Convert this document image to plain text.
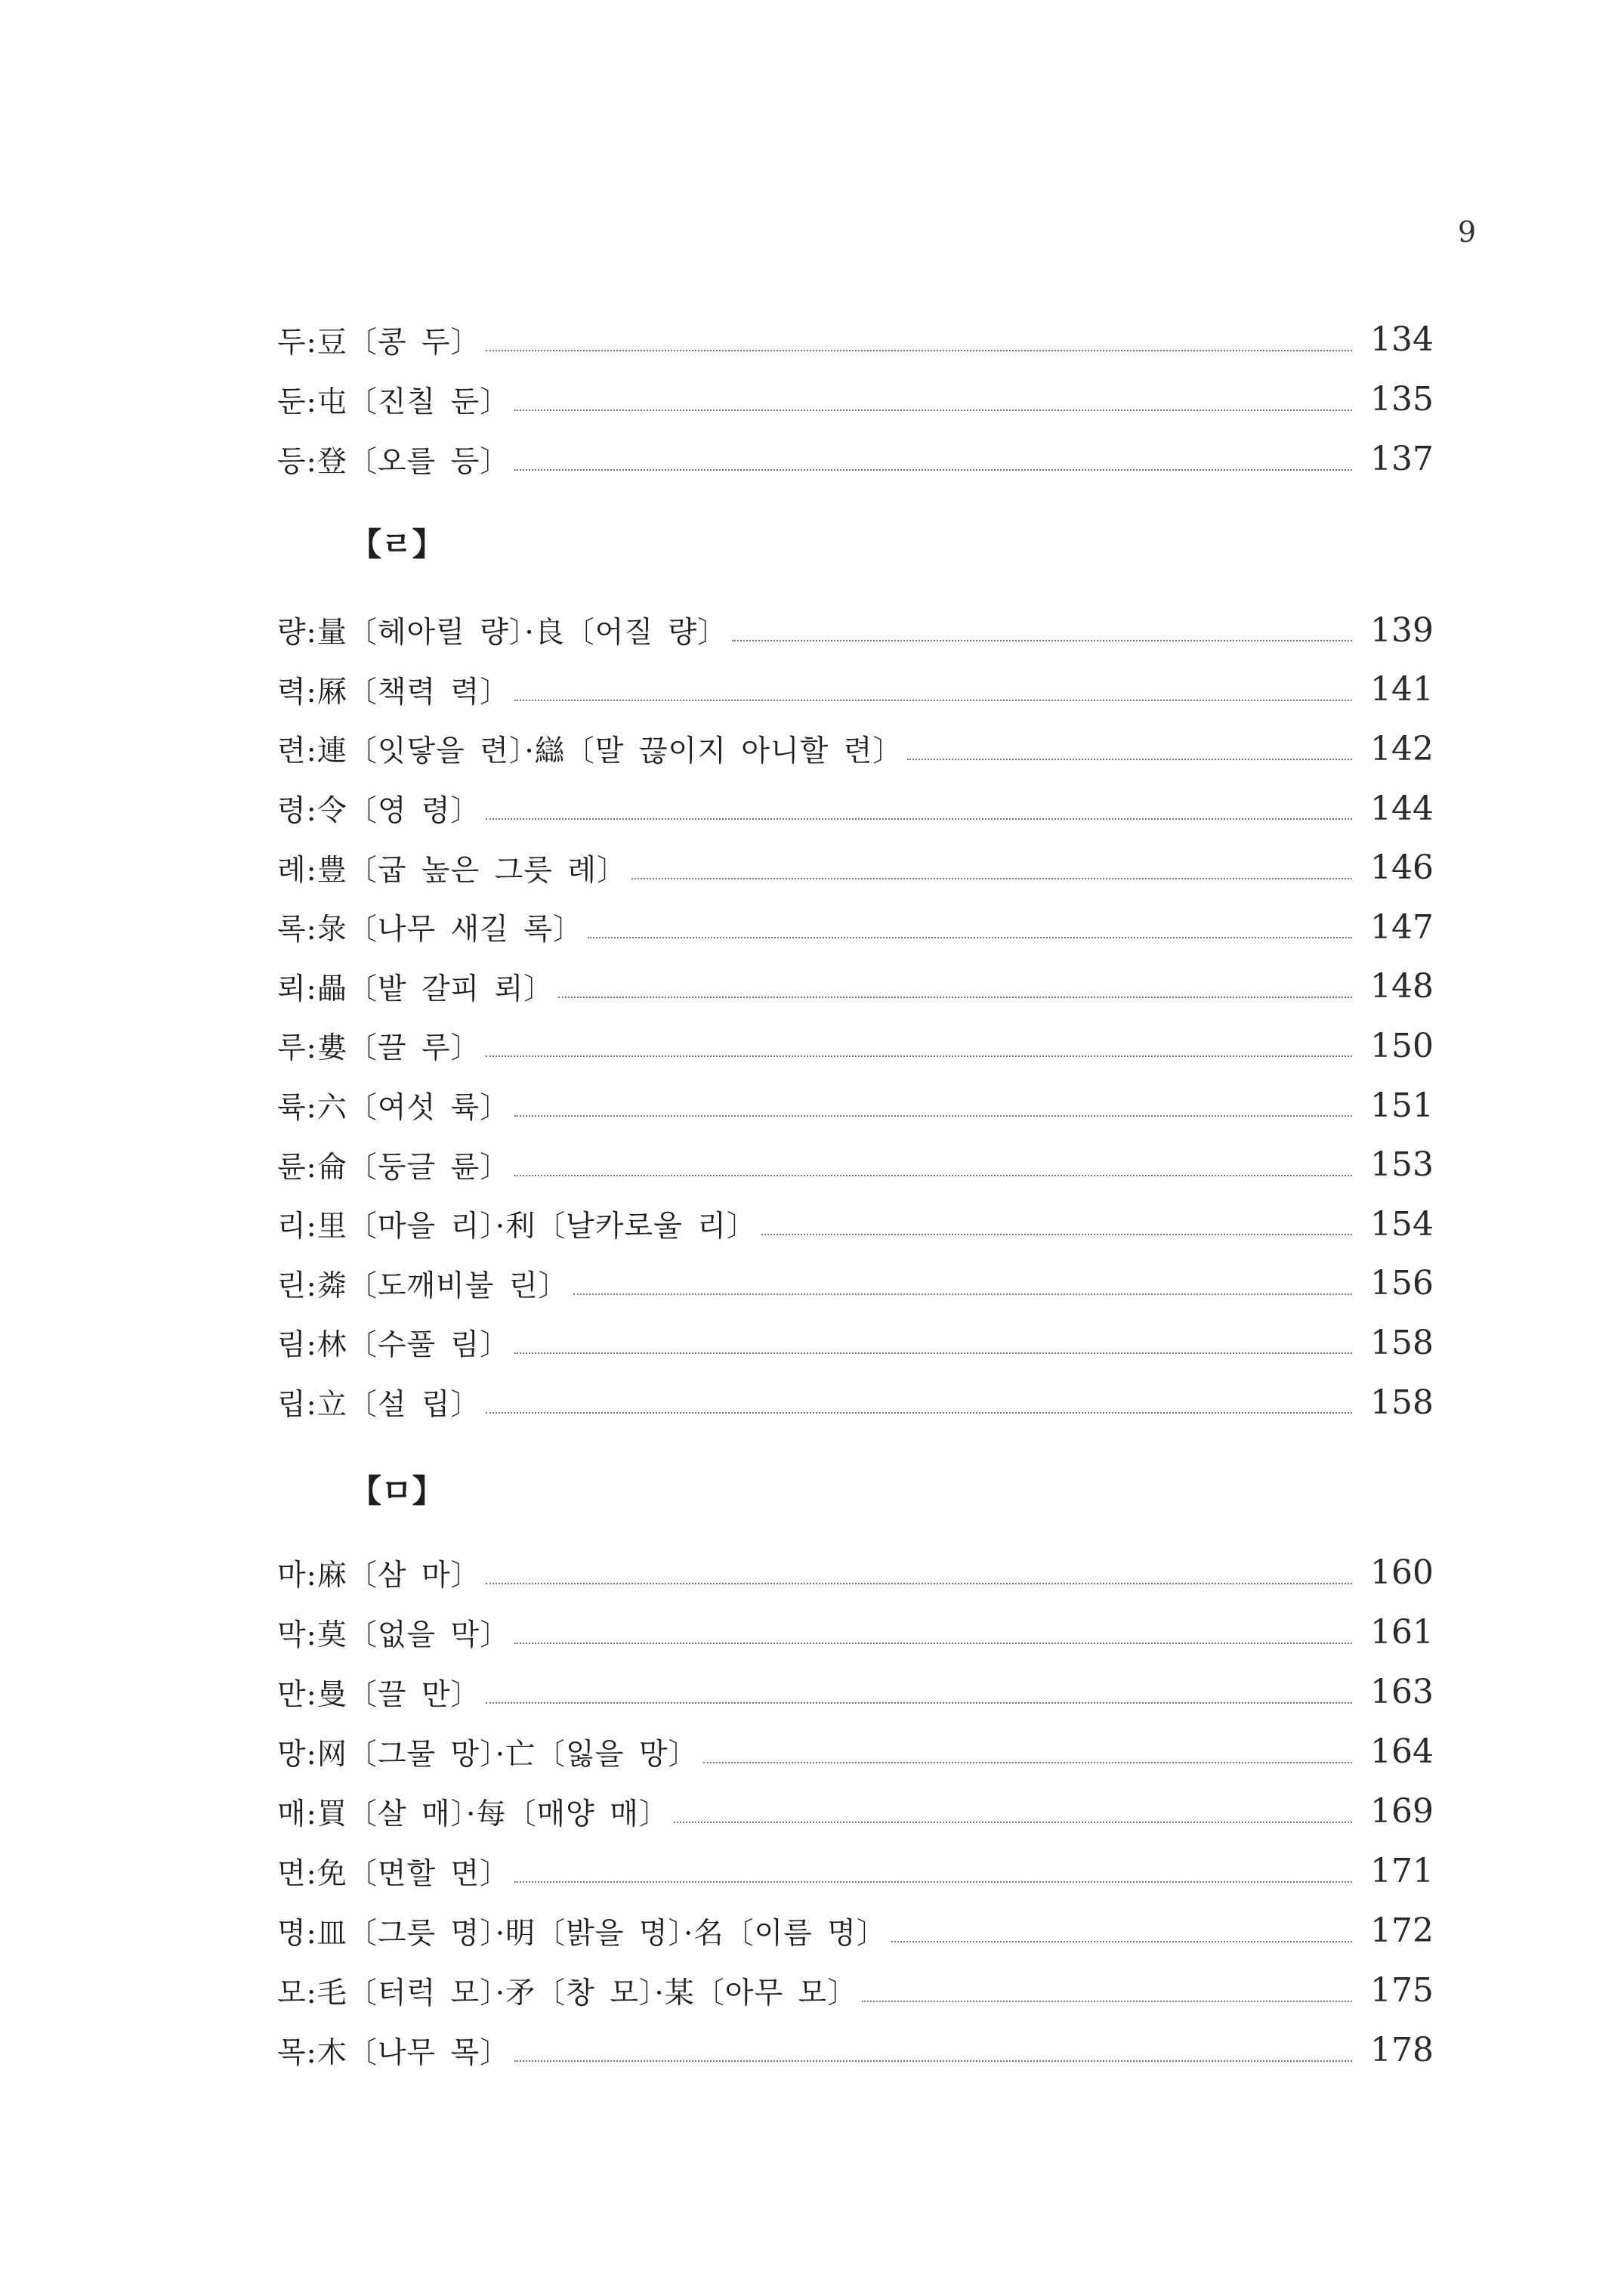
9
두:豆〔콩 두〕	134
둔:屯〔진칠 둔〕	135
등:登〔오를 등〕	137
【ㄹ】
량:量〔헤아릴 량〕·良〔어질 량〕	139
력:厤〔책력 력〕	141
련:連〔잇닿을 련〕·䜌〔말 끊이지 아니할 련〕	142
령:令〔영 령〕	144
례:豊〔굽 높은 그릇 례〕	146
록:彔〔나무 새길 록〕	147
뢰:畾〔밭 갈피 뢰〕	148
루:婁〔끌 루〕	150
륙:六〔여섯 륙〕	151
륜:侖〔둥글 륜〕	153
리:里〔마을 리〕·利〔날카로울 리〕	154
린:粦〔도깨비불 린〕	156
림:林〔수풀 림〕	158
립:立〔설 립〕	158
【ㅁ】
마:麻〔삼 마〕	160
막:莫〔없을 막〕	161
만:曼〔끌 만〕	163
망:网〔그물 망〕·亡〔잃을 망〕	164
매:買〔살 매〕·每〔매양 매〕	169
면:免〔면할 면〕	171
명:皿〔그릇 명〕·明〔밝을 명〕·名〔이름 명〕	172
모:毛〔터럭 모〕·矛〔창 모〕·某〔아무 모〕	175
목:木〔나무 목〕	178
